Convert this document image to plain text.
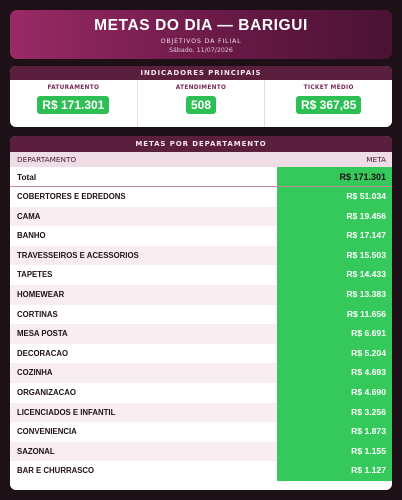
METAS DO DIA — BARIGUI
OBJETIVOS DA FILIAL
Sábado, 11/07/2026
INDICADORES PRINCIPAIS
FATURAMENTO
R$ 171.301
ATENDIMENTO
508
TICKET MÉDIO
R$ 367,85
METAS POR DEPARTAMENTO
DEPARTAMENTO	META
Total	R$ 171.301
COBERTORES E EDREDONS	R$ 51.034
CAMA	R$ 19.456
BANHO	R$ 17.147
TRAVESSEIROS E ACESSORIOS	R$ 15.503
TAPETES	R$ 14.433
HOMEWEAR	R$ 13.383
CORTINAS	R$ 11.656
MESA POSTA	R$ 6.691
DECORACAO	R$ 5.204
COZINHA	R$ 4.693
ORGANIZACAO	R$ 4.690
LICENCIADOS E INFANTIL	R$ 3.256
CONVENIENCIA	R$ 1.873
SAZONAL	R$ 1.155
BAR E CHURRASCO	R$ 1.127
